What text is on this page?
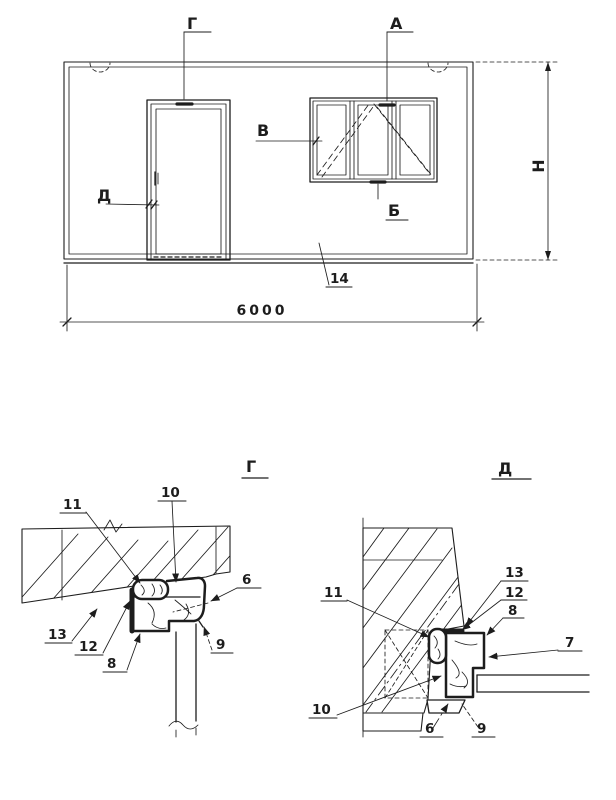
Г	А
В
Д
Б
14
6000
H
Г
11
10
6
13
12
8
9
Д
11
13
12
8
7
10
6	9
